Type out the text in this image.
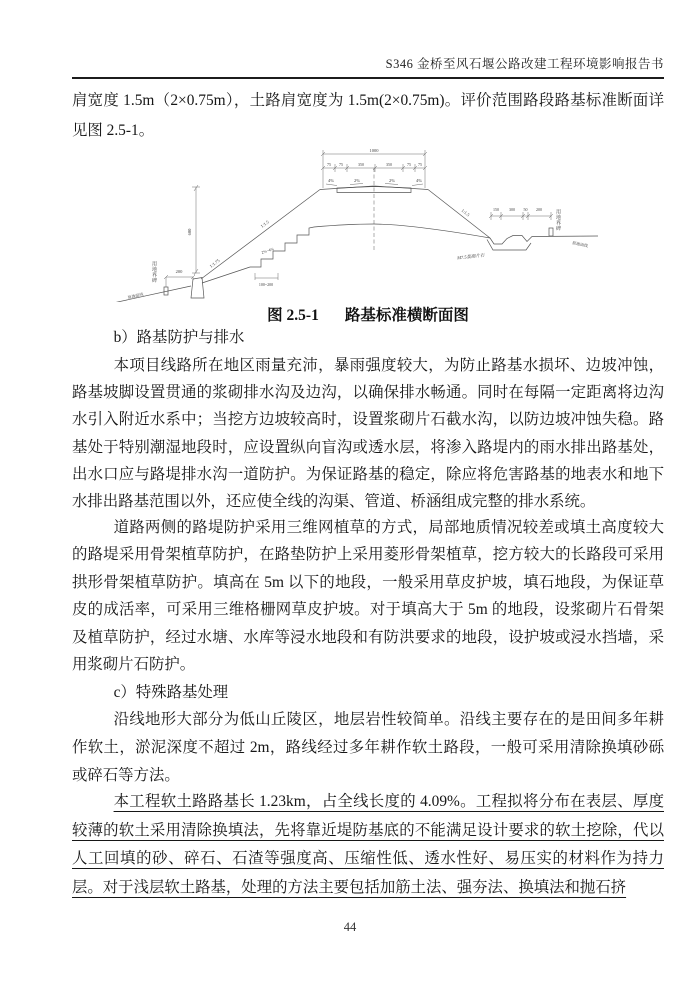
S346 金桥至风石堰公路改建工程环境影响报告书
肩宽度 1.5m（2×0.75m），土路肩宽度为 1.5m(2×0.75m)。评价范围路段路基标准断面详见图 2.5-1。
1000
75 75	350	350	75 75
4%	2%	2%	4%
1:1.5
M7.5浆砌片石
150	300 50 200
原地面线
1:1.5
1:1.75
2%~4%
100~200
600
200
原地面线
用地界碑
用地界碑
图 2.5-1 路基标准横断面图
b）路基防护与排水
本项目线路所在地区雨量充沛，暴雨强度较大，为防止路基水损坏、边坡冲蚀，路基坡脚设置贯通的浆砌排水沟及边沟，以确保排水畅通。同时在每隔一定距离将边沟水引入附近水系中；当挖方边坡较高时，设置浆砌片石截水沟，以防边坡冲蚀失稳。路基处于特别潮湿地段时，应设置纵向盲沟或透水层，将渗入路堤内的雨水排出路基处，出水口应与路堤排水沟一道防护。为保证路基的稳定，除应将危害路基的地表水和地下水排出路基范围以外，还应使全线的沟渠、管道、桥涵组成完整的排水系统。
道路两侧的路堤防护采用三维网植草的方式，局部地质情况较差或填土高度较大的路堤采用骨架植草防护，在路垫防护上采用菱形骨架植草，挖方较大的长路段可采用拱形骨架植草防护。填高在 5m 以下的地段，一般采用草皮护坡，填石地段，为保证草皮的成活率，可采用三维格栅网草皮护坡。对于填高大于 5m 的地段，设浆砌片石骨架及植草防护，经过水塘、水库等浸水地段和有防洪要求的地段，设护坡或浸水挡墙，采用浆砌片石防护。
c）特殊路基处理
沿线地形大部分为低山丘陵区，地层岩性较简单。沿线主要存在的是田间多年耕作软土，淤泥深度不超过 2m，路线经过多年耕作软土路段，一般可采用清除换填砂砾或碎石等方法。
本工程软土路路基长 1.23km，占全线长度的 4.09%。工程拟将分布在表层、厚度较薄的软土采用清除换填法，先将靠近堤防基底的不能满足设计要求的软土挖除，代以人工回填的砂、碎石、石渣等强度高、压缩性低、透水性好、易压实的材料作为持力层。对于浅层软土路基，处理的方法主要包括加筋土法、强夯法、换填法和抛石挤
44
